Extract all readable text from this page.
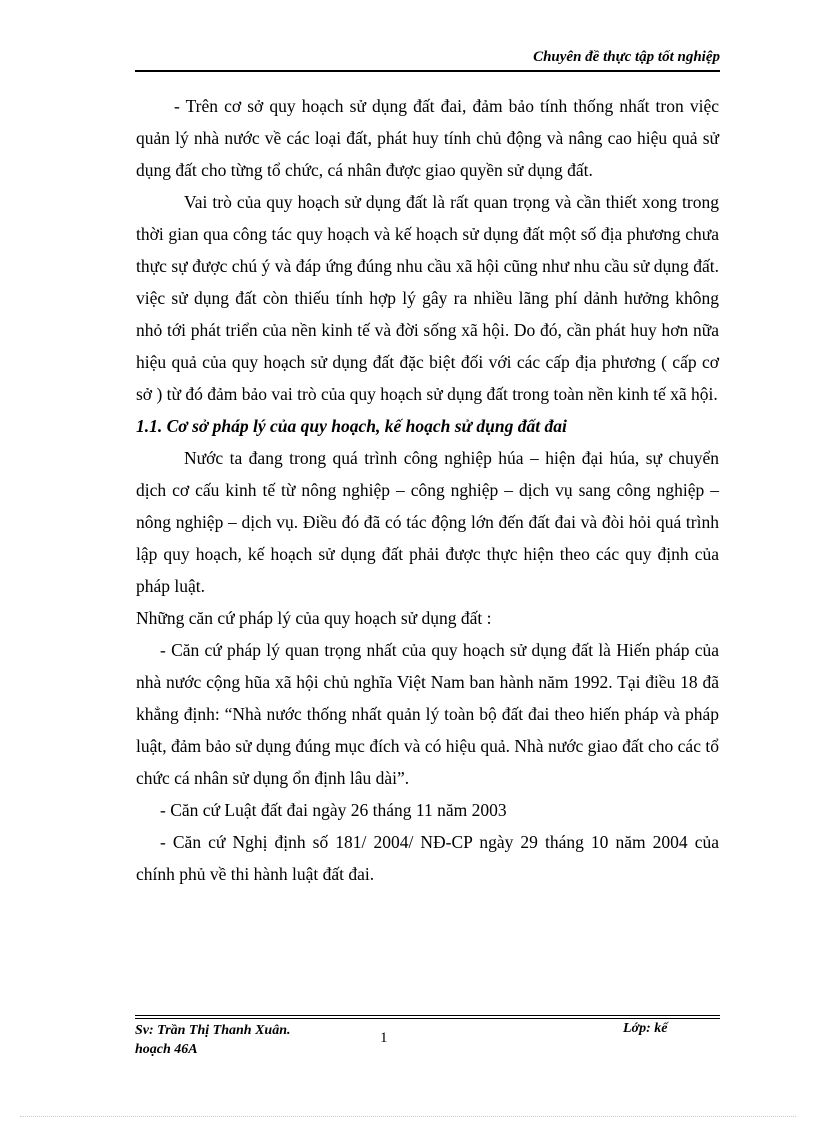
Chuyên đề thực tập tốt nghiệp

- Trên cơ sở quy hoạch sử dụng đất đai, đảm bảo tính thống nhất tron việc quản lý nhà nước về các loại đất, phát huy tính chủ động và nâng cao hiệu quả sử dụng đất cho từng tổ chức, cá nhân được giao quyền sử dụng đất.

Vai trò của quy hoạch sử dụng đất là rất quan trọng và cần thiết xong trong thời gian qua công tác quy hoạch và kế hoạch sử dụng đất một số địa phương chưa thực sự được chú ý và đáp ứng đúng nhu cầu xã hội cũng như nhu cầu sử dụng đất. việc sử dụng đất còn thiếu tính hợp lý gây ra nhiều lãng phí dảnh hưởng không nhỏ tới phát triển của nền kinh tế và đời sống xã hội. Do đó, cần phát huy hơn nữa hiệu quả của quy hoạch sử dụng đất đặc biệt đối với các cấp địa phương ( cấp cơ sở ) từ đó đảm bảo vai trò của quy hoạch sử dụng đất trong toàn nền kinh tế xã hội.

1.1. Cơ sở pháp lý của quy hoạch, kế hoạch sử dụng đất đai

Nước ta đang trong quá trình công nghiệp húa – hiện đại húa, sự chuyển dịch cơ cấu kinh tế từ nông nghiệp – công nghiệp – dịch vụ sang công nghiệp – nông nghiệp – dịch vụ. Điều đó đã có tác động lớn đến đất đai và đòi hỏi quá trình lập quy hoạch, kế hoạch sử dụng đất phải được thực hiện theo các quy định của pháp luật.

Những căn cứ pháp lý của quy hoạch sử dụng đất :

- Căn cứ pháp lý quan trọng nhất của quy hoạch sử dụng đất là Hiến pháp của nhà nước cộng hũa xã hội chủ nghĩa Việt Nam ban hành năm 1992. Tại điều 18 đã khẳng định: “Nhà nước thống nhất quản lý toàn bộ đất đai theo hiến pháp và pháp luật, đảm bảo sử dụng đúng mục đích và có hiệu quả. Nhà nước giao đất cho các tổ chức cá nhân sử dụng ổn định lâu dài”.

- Căn cứ Luật đất đai ngày 26 tháng 11 năm 2003

- Căn cứ Nghị định số 181/ 2004/ NĐ-CP ngày 29 tháng 10 năm 2004 của chính phủ về thi hành luật đất đai.

Sv: Trần Thị Thanh Xuân.
hoạch 46A
1
Lớp: kế
